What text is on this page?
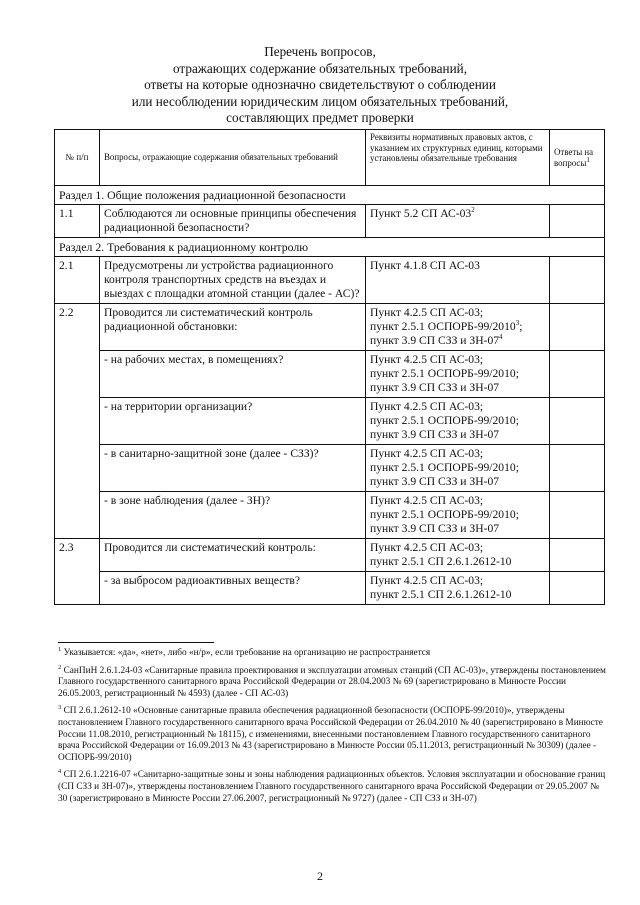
Перечень вопросов,
отражающих содержание обязательных требований,
ответы на которые однозначно свидетельствуют о соблюдении
или несоблюдении юридическим лицом обязательных требований,
составляющих предмет проверки
№ п/п	Вопросы, отражающие содержания обязательных требований	Реквизиты нормативных правовых актов, с указанием их структурных единиц, которыми установлены обязательные требования	Ответы на вопросы$^1$
Раздел 1. Общие положения радиационной безопасности			
1.1	Соблюдаются ли основные принципы обеспечения радиационной безопасности?	Пункт 5.2 СП $АС-03^2$	
Раздел 2. Требования к радиационному контролю			
2.1	Предусмотрены ли устройства радиационного контроля транспортных средств на въездах и выездах с площадки атомной станции (далее - АС)?	Пункт 4.1.8 СП АС-03	
2.2	Проводится ли систематический контроль радиационной обстановки:	Пункт 4.2.5 СП АС-03;
пункт 2.5.1 ОСПОРБ-99/2010$^3$;
пункт 3.9 СП СЗЗ и $ЗН-07^4$

	- на рабочих местах, в помещениях?	Пункт 4.2.5 СП АС-03;
пункт 2.5.1 ОСПОРБ-99/2010;
пункт 3.9 СП СЗЗ и ЗН-07	

	- на территории организации?	Пункт 4.2.5 СП АС-03;
пункт 2.5.1 ОСПОРБ-99/2010;
пункт 3.9 СП СЗЗ и ЗН-07	

	- в санитарно-защитной зоне (далее - СЗЗ)?	Пункт 4.2.5 СП АС-03;
пункт 2.5.1 ОСПОРБ-99/2010;
пункт 3.9 СП СЗЗ и ЗН-07	

	- в зоне наблюдения (далее - ЗН)?	Пункт 4.2.5 СП АС-03;
пункт 2.5.1 ОСПОРБ-99/2010;
пункт 3.9 СП СЗЗ и ЗН-07	

2.3	Проводится ли систематический контроль:	Пункт 4.2.5 СП АС-03;
пункт 2.5.1 СП 2.6.1.2612-10	

	- за выбросом радиоактивных веществ?	Пункт 4.2.5 СП АС-03;
пункт 2.5.1 СП 2.6.1.2612-10	

$^1$ Указывается: «да», «нет», либо «н/р», если требование на организацию не распространяется

$^2$ СанПиН 2.6.1.24-03 «Санитарные правила проектирования и эксплуатации атомных станций (СП АС-03)», утверждены постановлением Главного государственного санитарного врача Российской Федерации от 28.04.2003 № 69 (зарегистрировано в Минюсте России 26.05.2003, регистрационный № 4593) (далее - СП АС-03)

$^3$ СП 2.6.1.2612-10 «Основные санитарные правила обеспечения радиационной безопасности (ОСПОРБ-99/2010)», утверждены постановлением Главного государственного санитарного врача Российской Федерации от 26.04.2010 № 40 (зарегистрировано в Минюсте России 11.08.2010, регистрационный № 18115), с изменениями, внесенными постановлением Главного государственного санитарного врача Российской Федерации от 16.09.2013 № 43 (зарегистрировано в Минюсте России 05.11.2013, регистрационный № 30309) (далее - ОСПОРБ-99/2010)

$^4$ СП 2.6.1.2216-07 «Санитарно-защитные зоны и зоны наблюдения радиационных объектов. Условия эксплуатации и обоснование границ (СП СЗЗ и ЗН-07)», утверждены постановлением Главного государственного санитарного врача Российской Федерации от 29.05.2007 № 30 (зарегистрировано в Минюсте России 27.06.2007, регистрационный № 9727) (далее - СП СЗЗ и ЗН-07)

2
